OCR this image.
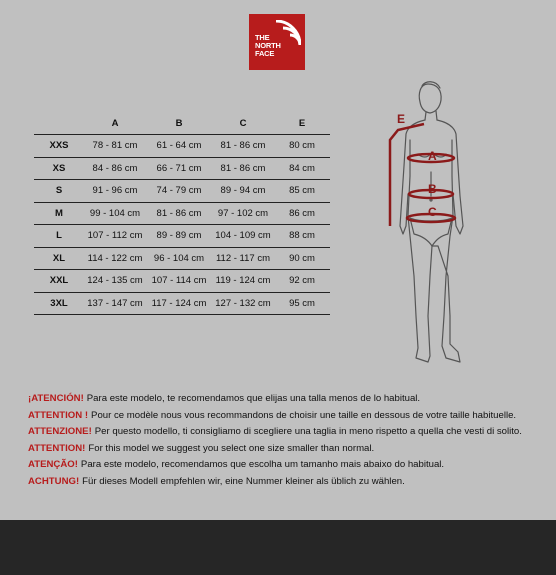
THE
NORTH
FACE
	A	B	C	E
XXS	78 - 81 cm	61 - 64 cm	81 - 86 cm	80 cm
XS	84 - 86 cm	66 - 71 cm	81 - 86 cm	84 cm
S	91 - 96 cm	74 - 79 cm	89 - 94 cm	85 cm
M	99 - 104 cm	81 - 86 cm	97 - 102 cm	86 cm
L	107 - 112 cm	89 - 89 cm	104 - 109 cm	88 cm
XL	114 - 122 cm	96 - 104 cm	112 - 117 cm	90 cm
XXL	124 - 135 cm	107 - 114 cm	119 - 124 cm	92 cm
3XL	137 - 147 cm	117 - 124 cm	127 - 132 cm	95 cm
E
A
B
C
¡ATENCIÓN! Para este modelo, te recomendamos que elijas una talla menos de lo habitual.
ATTENTION ! Pour ce modèle nous vous recommandons de choisir une taille en dessous de votre taille habituelle.
ATTENZIONE! Per questo modello, ti consigliamo di scegliere una taglia in meno rispetto a quella che vesti di solito.
ATTENTION! For this model we suggest you select one size smaller than normal.
ATENÇÃO! Para este modelo, recomendamos que escolha um tamanho mais abaixo do habitual.
ACHTUNG! Für dieses Modell empfehlen wir, eine Nummer kleiner als üblich zu wählen.
